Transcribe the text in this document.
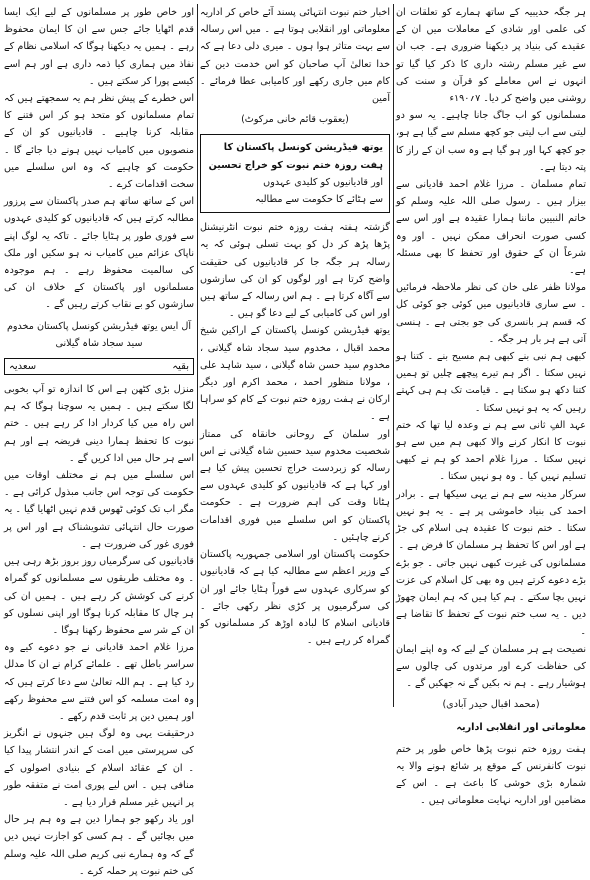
ہر جگہ حدیبیہ کے ساتھ ہمارے کو تعلقات ان کی علمی اور شادی کے معاملات میں ان کے عقیدے کی بنیاد پر دیکھنا ضروری ہے۔ جب ان سے غیر مسلم رشتہ داری کا ذکر کیا گیا تو انہوں نے اس معاملے کو قرآن و سنت کی روشنی میں واضح کر دیا۔ ۷؍۱۹۰ء

مسلمانوں کو اب جاگ جانا چاہیے۔ یہ سو دو لیتی سے اب لیتی جو کچھ مسلم سے گیا ہے ہو، جو کچھ کہا اور ہو گیا ہے وہ سب ان کے راز کا پتہ دیتا ہے۔

تمام مسلمان ۔ مرزا غلام احمد قادیانی سے بیزار ہیں ۔ رسول صلی اللہ علیہ وسلم کو خاتم النبیین ماننا ہمارا عقیدہ ہے اور اس سے کسی صورت انحراف ممکن نہیں ۔ اور وہ شرعاً ان کے حقوق اور تحفظ کا بھی مسئلہ ہے۔

مولانا ظفر علی خان کی نظر ملاحظہ فرمائیں ۔ سے ساری قادیانیوں میں کوئی جو کوئی کل کہ قسم ہر بانسری کی جو بجتی ہے ۔ ہنسی آتی ہے ہر بار ہر جگہ ۔

کبھی ہم نبی بنے کبھی ہم مسیح بنے ۔ کتنا ہو نہیں سکتا ۔ اگر ہم تیرے پیچھے چلیں تو ہمیں کتنا دکھ ہو سکتا ہے ۔ قیامت تک ہم ہی کہتے رہیں کہ یہ ہو نہیں سکتا ۔

عہد الفِ ثانی سے ہم نے وعدہ لیا تھا کہ ختم نبوت کا انکار کرنے والا کبھی ہم میں سے ہو نہیں سکتا ۔ مرزا غلام احمد کو ہم نے کبھی تسلیم نہیں کیا ۔ وہ ہو نہیں سکتا ۔

سرکار مدینہ سے ہم نے یہی سیکھا ہے ۔ برادر احمد کی بنیاد خاموشی پر ہے ۔ یہ ہو نہیں سکتا ۔ ختم نبوت کا عقیدہ ہی اسلام کی جڑ ہے اور اس کا تحفظ ہر مسلمان کا فرض ہے ۔

مسلمانوں کی غیرت کبھی نہیں جاتی ۔ جو بڑے بڑے دعوے کرتے ہیں وہ بھی کل اسلام کی عزت نہیں بچا سکتے ۔ ہم کیا ہیں کہ ہم ایمان چھوڑ دیں ۔ یہ سب ختم نبوت کے تحفظ کا تقاضا ہے ۔

نصیحت ہے ہر مسلمان کے لیے کہ وہ اپنے ایمان کی حفاظت کرے اور مرتدوں کی چالوں سے ہوشیار رہے ۔ ہم نہ بکیں گے نہ جھکیں گے ۔

(محمد اقبال حیدر آبادی)

معلوماتی اور انقلابی اداریہ

ہفت روزہ ختم نبوت پڑھا خاص طور پر ختم نبوت کانفرنس کے موقع پر شائع ہونے والا یہ شمارہ بڑی خوشی کا باعث ہے ۔ اس کے مضامین اور اداریہ نہایت معلوماتی ہیں ۔

اخبار ختم نبوت انتہائی پسند آئے خاص کر اداریہ معلوماتی اور انقلابی ہوتا ہے ۔ میں اس رسالہ سے بہت متاثر ہوا ہوں ۔ میری دلی دعا ہے کہ خدا تعالیٰ آپ صاحبان کو اس خدمت دین کے کام میں جاری رکھے اور کامیابی عطا فرمائے ۔ آمین

(یعقوب قائم خانی مرکوٹ)

یوتھ فیڈریشن کونسل پاکستان کا

ہفت روزہ ختم نبوت کو خراج تحسین

اور قادیانیوں کو کلیدی عہدوں

سے ہٹائے کا حکومت سے مطالبہ

گزشتہ ہفتہ ہفت روزہ ختم نبوت انٹرنیشنل پڑھا پڑھ کر دل کو بہت تسلی ہوئی کہ یہ رسالہ ہر جگہ جا کر قادیانیوں کی حقیقت واضح کرتا ہے اور لوگوں کو ان کی سازشوں سے آگاہ کرتا ہے ۔ ہم اس رسالہ کے ساتھ ہیں اور اس کی کامیابی کے لیے دعا گو ہیں ۔

یوتھ فیڈریشن کونسل پاکستان کے اراکین شیخ محمد اقبال ، مخدوم سید سجاد شاہ گیلانی ، مخدوم سید حسن شاہ گیلانی ، سید شاہد علی ، مولانا منظور احمد ، محمد اکرم اور دیگر ارکان نے ہفت روزہ ختم نبوت کے کام کو سراہا ہے ۔

اور سلمان کے روحانی خانقاہ کی ممتاز شخصیت مخدوم سید حسین شاہ گیلانی نے اس رسالہ کو زبردست خراج تحسین پیش کیا ہے اور کہا ہے کہ قادیانیوں کو کلیدی عہدوں سے ہٹانا وقت کی اہم ضرورت ہے ۔ حکومت پاکستان کو اس سلسلے میں فوری اقدامات کرنے چاہئیں ۔

حکومت پاکستان اور اسلامی جمہوریہ پاکستان کے وزیر اعظم سے مطالبہ کیا ہے کہ قادیانیوں کو سرکاری عہدوں سے فوراً ہٹایا جائے اور ان کی سرگرمیوں پر کڑی نظر رکھی جائے ۔ قادیانی اسلام کا لبادہ اوڑھ کر مسلمانوں کو گمراہ کر رہے ہیں ۔

اور خاص طور پر مسلمانوں کے لیے ایک ایسا قدم اٹھایا جائے جس سے ان کا ایمان محفوظ رہے ۔ ہمیں یہ دیکھنا ہوگا کہ اسلامی نظام کے نفاذ میں ہماری کیا ذمہ داری ہے اور ہم اسے کیسے پورا کر سکتے ہیں ۔

اس خطرے کے پیش نظر ہم یہ سمجھتے ہیں کہ تمام مسلمانوں کو متحد ہو کر اس فتنے کا مقابلہ کرنا چاہیے ۔ قادیانیوں کو ان کے منصوبوں میں کامیاب نہیں ہونے دیا جائے گا ۔ حکومت کو چاہیے کہ وہ اس سلسلے میں سخت اقدامات کرے ۔

اس کے ساتھ ساتھ ہم صدر پاکستان سے پرزور مطالبہ کرتے ہیں کہ قادیانیوں کو کلیدی عہدوں سے فوری طور پر ہٹایا جائے ۔ تاکہ یہ لوگ اپنے ناپاک عزائم میں کامیاب نہ ہو سکیں اور ملک کی سالمیت محفوظ رہے ۔ ہم موجودہ مسلمانوں اور پاکستان کے خلاف ان کی سازشوں کو بے نقاب کرتے رہیں گے ۔

آل ایس یوتھ فیڈریشن کونسل پاکستان مخدوم سید سجاد شاہ گیلانی

بقیہ
سعدیہ

منزل بڑی کٹھن ہے اس کا اندازہ تو آپ بخوبی لگا سکتے ہیں ۔ ہمیں یہ سوچنا ہوگا کہ ہم اس راہ میں کیا کردار ادا کر رہے ہیں ۔ ختم نبوت کا تحفظ ہمارا دینی فریضہ ہے اور ہم اسے ہر حال میں ادا کریں گے ۔

اس سلسلے میں ہم نے مختلف اوقات میں حکومت کی توجہ اس جانب مبذول کرائی ہے ۔ مگر اب تک کوئی ٹھوس قدم نہیں اٹھایا گیا ۔ یہ صورت حال انتہائی تشویشناک ہے اور اس پر فوری غور کی ضرورت ہے ۔

قادیانیوں کی سرگرمیاں روز بروز بڑھ رہی ہیں ۔ وہ مختلف طریقوں سے مسلمانوں کو گمراہ کرنے کی کوشش کر رہے ہیں ۔ ہمیں ان کی ہر چال کا مقابلہ کرنا ہوگا اور اپنی نسلوں کو ان کے شر سے محفوظ رکھنا ہوگا ۔

مرزا غلام احمد قادیانی نے جو دعوے کیے وہ سراسر باطل تھے ۔ علمائے کرام نے ان کا مدلل رد کیا ہے ۔ ہم اللہ تعالیٰ سے دعا کرتے ہیں کہ وہ امت مسلمہ کو اس فتنے سے محفوظ رکھے اور ہمیں دین پر ثابت قدم رکھے ۔

درحقیقت یہی وہ لوگ ہیں جنہوں نے انگریز کی سرپرستی میں امت کے اندر انتشار پیدا کیا ۔ ان کے عقائد اسلام کے بنیادی اصولوں کے منافی ہیں ۔ اس لیے پوری امت نے متفقہ طور پر انہیں غیر مسلم قرار دیا ہے ۔

اور یاد رکھو جو ہمارا دین ہے وہ ہم ہر حال میں بچائیں گے ۔ ہم کسی کو اجازت نہیں دیں گے کہ وہ ہمارے نبی کریم صلی اللہ علیہ وسلم کی ختم نبوت پر حملہ کرے ۔
